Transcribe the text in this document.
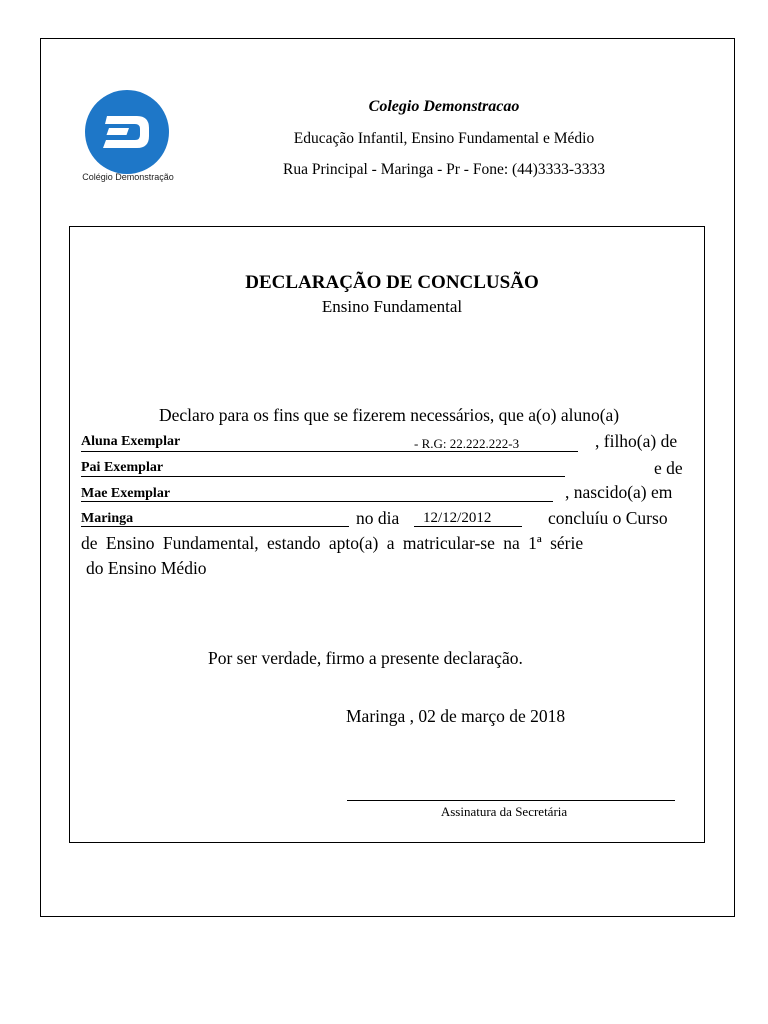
Colégio Demonstração
Colegio Demonstracao
Educação Infantil, Ensino Fundamental e Médio
Rua Principal - Maringa - Pr - Fone: (44)3333-3333
DECLARAÇÃO DE CONCLUSÃO
Ensino Fundamental
Declaro para os fins que se fizerem necessários, que a(o) aluno(a)
Aluna Exemplar	- R.G: 22.222.222-3	, filho(a) de
Pai Exemplar	e de
Mae Exemplar	, nascido(a) em
Maringa	no dia 12/12/2012	concluíu o Curso
de Ensino Fundamental, estando apto(a) a matricular-se na 1ª série
do Ensino Médio
Por ser verdade, firmo a presente declaração.
Maringa , 02 de março de 2018
Assinatura da Secretária
